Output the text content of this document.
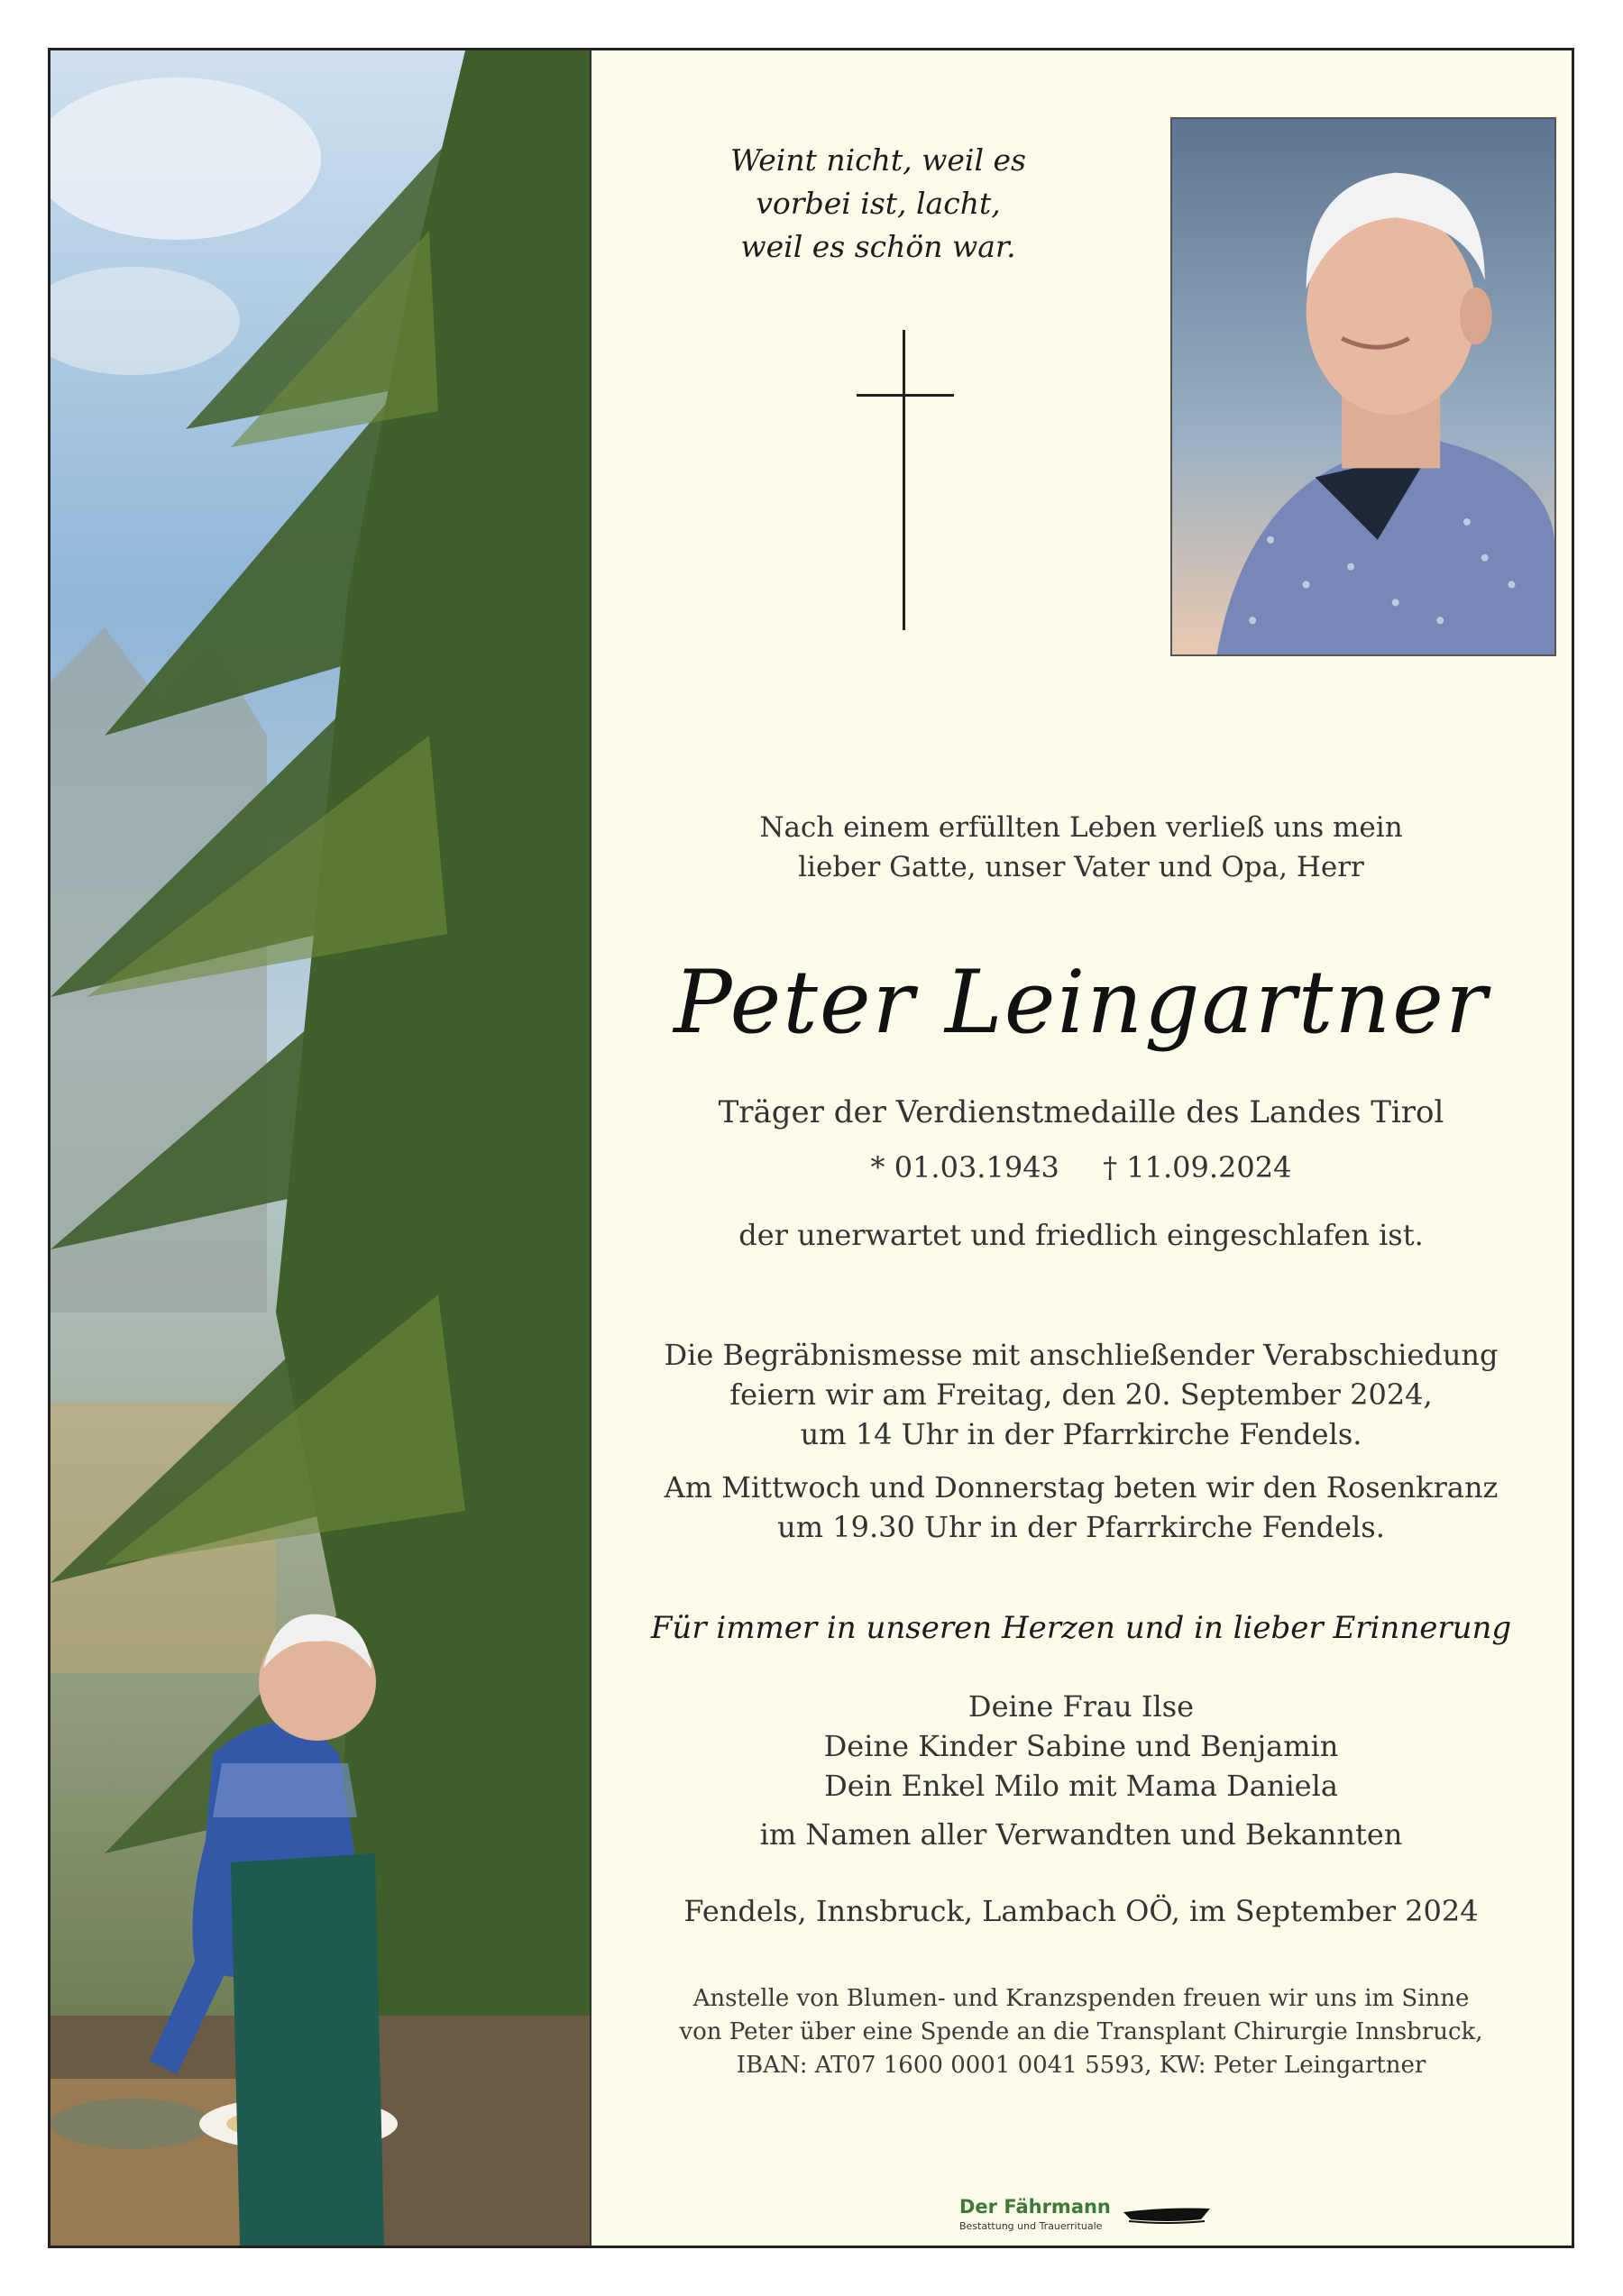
Weint nicht, weil es
vorbei ist, lacht,
weil es schön war.
Nach einem erfüllten Leben verließ uns mein
lieber Gatte, unser Vater und Opa, Herr
Peter Leingartner
Träger der Verdienstmedaille des Landes Tirol
* 01.03.1943 † 11.09.2024
der unerwartet und friedlich eingeschlafen ist.
Die Begräbnismesse mit anschließender Verabschiedung
feiern wir am Freitag, den 20. September 2024,
um 14 Uhr in der Pfarrkirche Fendels.
Am Mittwoch und Donnerstag beten wir den Rosenkranz
um 19.30 Uhr in der Pfarrkirche Fendels.
Für immer in unseren Herzen und in lieber Erinnerung
Deine Frau Ilse
Deine Kinder Sabine und Benjamin
Dein Enkel Milo mit Mama Daniela
im Namen aller Verwandten und Bekannten
Fendels, Innsbruck, Lambach OÖ, im September 2024
Anstelle von Blumen- und Kranzspenden freuen wir uns im Sinne
von Peter über eine Spende an die Transplant Chirurgie Innsbruck,
IBAN: AT07 1600 0001 0041 5593, KW: Peter Leingartner
Der Fährmann
Bestattung und Trauerrituale
